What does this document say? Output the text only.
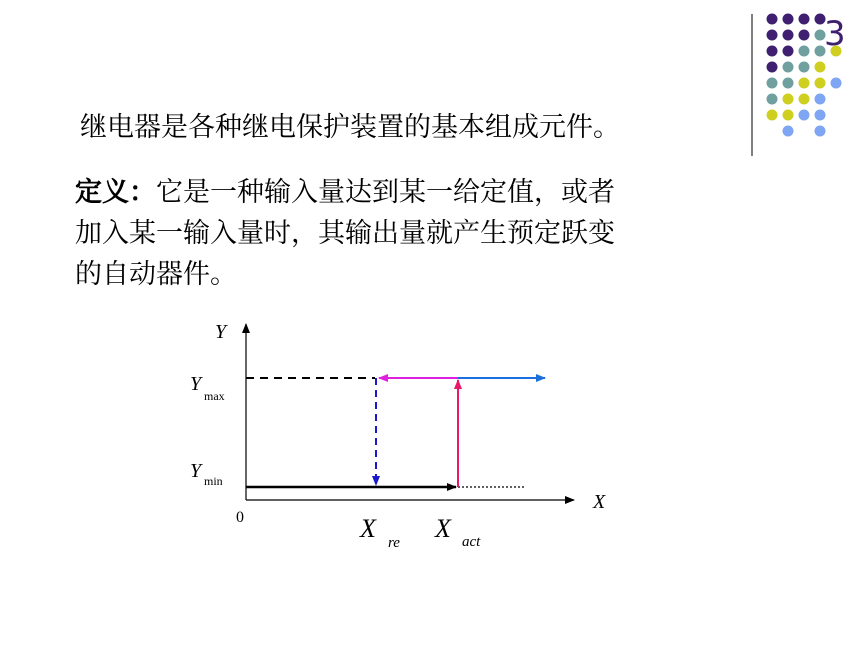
3
继电器是各种继电保护装置的基本组成元件。
定义：它是一种输入量达到某一给定值，或者
加入某一输入量时，其输出量就产生预定跃变
的自动器件。
Y
X
0
Y
max
Y min
X re X act
